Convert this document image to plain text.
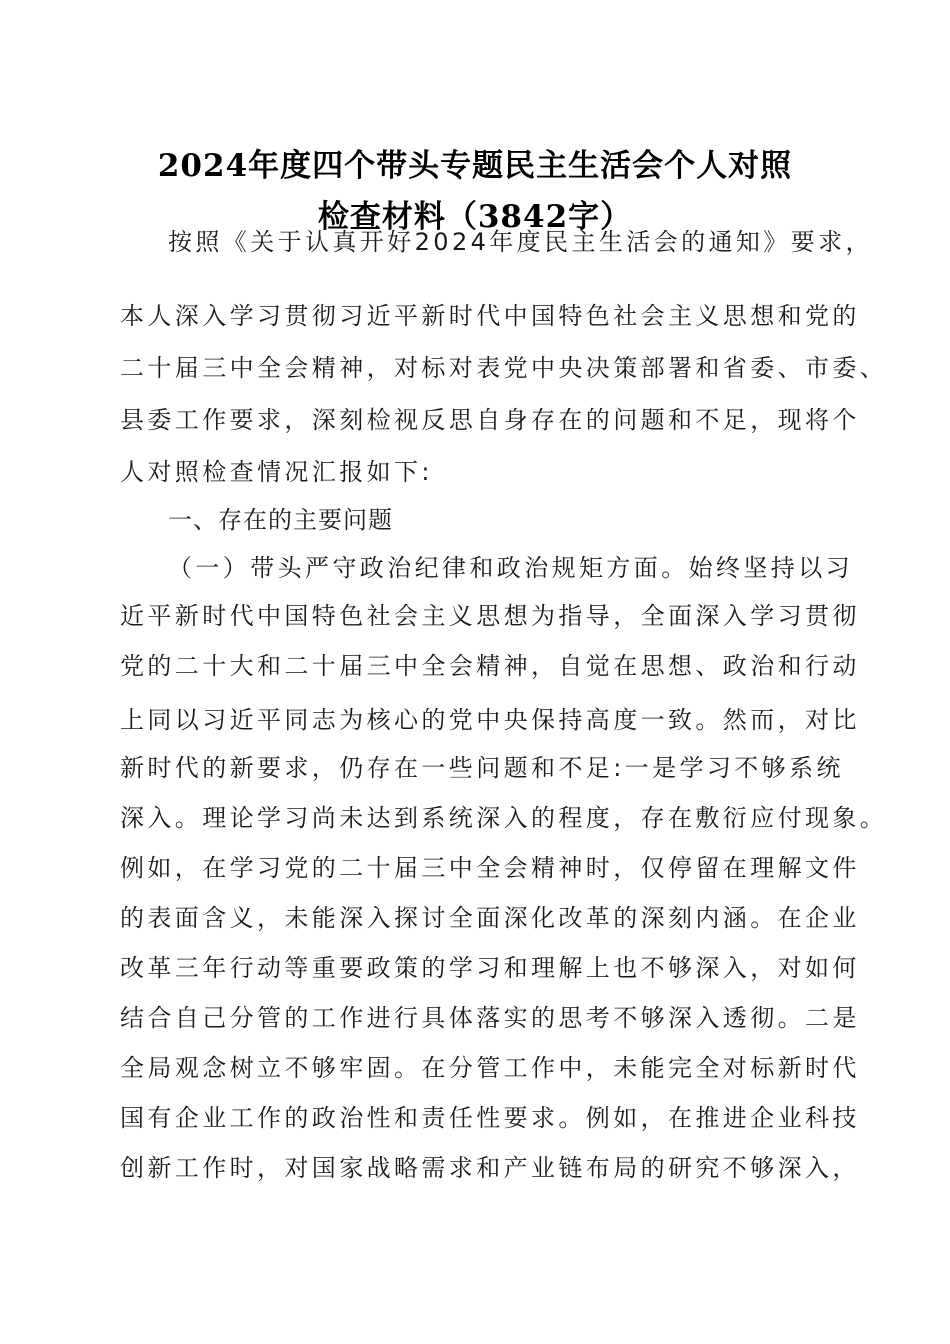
2024年度四个带头专题民主生活会个人对照
检查材料（3842字）

按照《关于认真开好2024年度民主生活会的通知》要求，

本人深入学习贯彻习近平新时代中国特色社会主义思想和党的

二十届三中全会精神，对标对表党中央决策部署和省委、市委、

县委工作要求，深刻检视反思自身存在的问题和不足，现将个

人对照检查情况汇报如下:

一、存在的主要问题

（一）带头严守政治纪律和政治规矩方面。始终坚持以习

近平新时代中国特色社会主义思想为指导，全面深入学习贯彻

党的二十大和二十届三中全会精神，自觉在思想、政治和行动

上同以习近平同志为核心的党中央保持高度一致。然而，对比

新时代的新要求，仍存在一些问题和不足:一是学习不够系统

深入。理论学习尚未达到系统深入的程度，存在敷衍应付现象。

例如，在学习党的二十届三中全会精神时，仅停留在理解文件

的表面含义，未能深入探讨全面深化改革的深刻内涵。在企业

改革三年行动等重要政策的学习和理解上也不够深入，对如何

结合自己分管的工作进行具体落实的思考不够深入透彻。二是

全局观念树立不够牢固。在分管工作中，未能完全对标新时代

国有企业工作的政治性和责任性要求。例如，在推进企业科技

创新工作时，对国家战略需求和产业链布局的研究不够深入，
